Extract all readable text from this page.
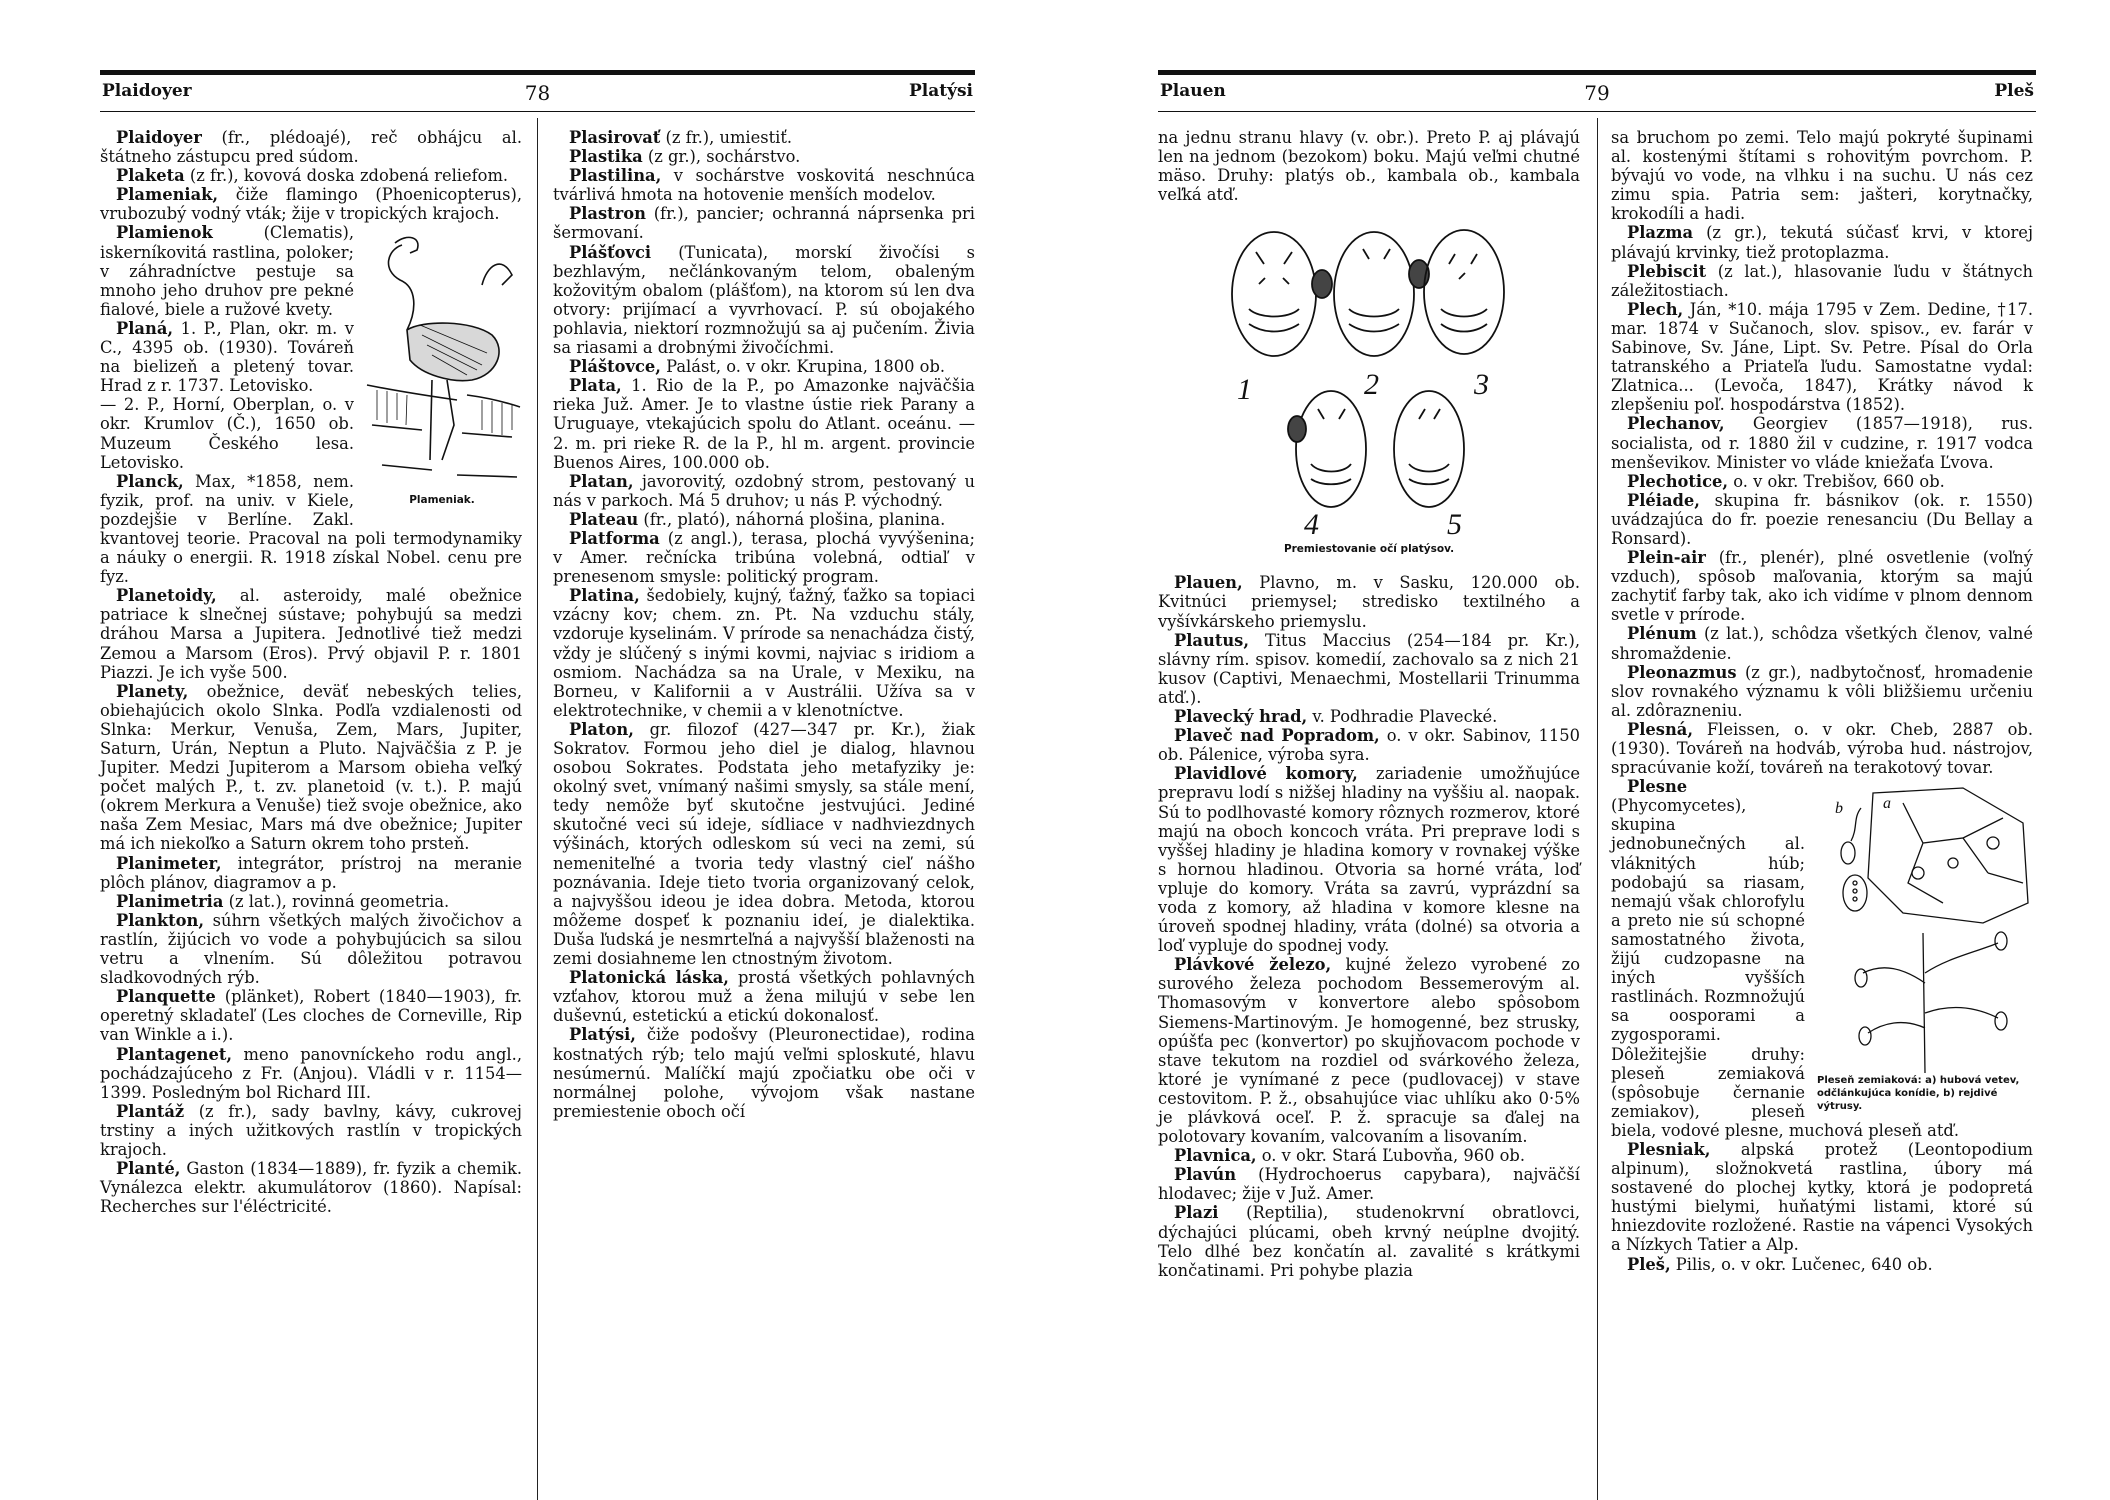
Plaidoyer	78	Platýsi

Plaidoyer (fr., plédoajé), reč obhájcu al. štátneho zástupcu pred súdom.

Plaketa (z fr.), kovová doska zdobená reliefom.

Plameniak, čiže flamingo (Phoenicopterus), vrubozubý vodný vták; žije v tropických krajoch.

Plameniak.

Plamienok (Clematis), iskerníkovitá rastlina, poloker; v záhradníctve pestuje sa mnoho jeho druhov pre pekné fialové, biele a ružové kvety.

Planá, 1. P., Plan, okr. m. v C., 4395 ob. (1930). Továreň na bielizeň a pletený tovar. Hrad z r. 1737. Letovisko.

— 2. P., Horní, Oberplan, o. v okr. Krumlov (Č.), 1650 ob. Muzeum Českého lesa. Letovisko.

Planck, Max, *1858, nem. fyzik, prof. na univ. v Kiele, pozdejšie v Berlíne. Zakl. kvantovej teorie. Pracoval na poli termodynamiky a náuky o energii. R. 1918 získal Nobel. cenu pre fyz.

Planetoidy, al. asteroidy, malé obežnice patriace k slnečnej sústave; pohybujú sa medzi dráhou Marsa a Jupitera. Jednotlivé tiež medzi Zemou a Marsom (Eros). Prvý objavil P. r. 1801 Piazzi. Je ich vyše 500.

Planety, obežnice, deväť nebeských telies, obiehajúcich okolo Slnka. Podľa vzdialenosti od Slnka: Merkur, Venuša, Zem, Mars, Jupiter, Saturn, Urán, Neptun a Pluto. Najväčšia z P. je Jupiter. Medzi Jupiterom a Marsom obieha veľký počet malých P., t. zv. planetoid (v. t.). P. majú (okrem Merkura a Venuše) tiež svoje obežnice, ako naša Zem Mesiac, Mars má dve obežnice; Jupiter má ich niekoľko a Saturn okrem toho prsteň.

Planimeter, integrátor, prístroj na meranie plôch plánov, diagramov a p.

Planimetria (z lat.), rovinná geometria.

Plankton, súhrn všetkých malých živočichov a rastlín, žijúcich vo vode a pohybujúcich sa silou vetru a vlnením. Sú dôležitou potravou sladkovodných rýb.

Planquette (plänket), Robert (1840—1903), fr. operetný skladateľ (Les cloches de Corneville, Rip van Winkle a i.).

Plantagenet, meno panovníckeho rodu angl., pochádzajúceho z Fr. (Anjou). Vládli v r. 1154—1399. Posledným bol Richard III.

Plantáž (z fr.), sady bavlny, kávy, cukrovej trstiny a iných užitkových rastlín v tropických krajoch.

Planté, Gaston (1834—1889), fr. fyzik a chemik. Vynálezca elektr. akumulátorov (1860). Napísal: Recherches sur l'éléctricité.

Plasirovať (z fr.), umiestiť.

Plastika (z gr.), sochárstvo.

Plastilina, v sochárstve voskovitá neschnúca tvárlivá hmota na hotovenie menších modelov.

Plastron (fr.), pancier; ochranná náprsenka pri šermovaní.

Plášťovci (Tunicata), morskí živočísi s bezhlavým, nečlánkovaným telom, obaleným kožovitým obalom (plášťom), na ktorom sú len dva otvory: prijímací a vyvrhovací. P. sú obojakého pohlavia, niektorí rozmnožujú sa aj pučením. Živia sa riasami a drobnými živočíchmi.

Pláštovce, Palást, o. v okr. Krupina, 1800 ob.

Plata, 1. Rio de la P., po Amazonke najväčšia rieka Juž. Amer. Je to vlastne ústie riek Parany a Uruguaye, vtekajúcich spolu do Atlant. oceánu. — 2. m. pri rieke R. de la P., hl m. argent. provincie Buenos Aires, 100.000 ob.

Platan, javorovitý, ozdobný strom, pestovaný u nás v parkoch. Má 5 druhov; u nás P. východný.

Plateau (fr., plató), náhorná plošina, planina.

Platforma (z angl.), terasa, plochá vyvýšenina; v Amer. rečnícka tribúna volebná, odtiaľ v prenesenom smysle: politický program.

Platina, šedobiely, kujný, ťažný, ťažko sa topiaci vzácny kov; chem. zn. Pt. Na vzduchu stály, vzdoruje kyselinám. V prírode sa nenachádza čistý, vždy je slúčený s inými kovmi, najviac s iridiom a osmiom. Nachádza sa na Urale, v Mexiku, na Borneu, v Kalifornii a v Austrálii. Užíva sa v elektrotechnike, v chemii a v klenotníctve.

Platon, gr. filozof (427—347 pr. Kr.), žiak Sokratov. Formou jeho diel je dialog, hlavnou osobou Sokrates. Podstata jeho metafyziky je: okolný svet, vnímaný našimi smysly, sa stále mení, tedy nemôže byť skutočne jestvujúci. Jediné skutočné veci sú ideje, sídliace v nadhviezdnych výšinách, ktorých odleskom sú veci na zemi, sú nemeniteľné a tvoria tedy vlastný cieľ nášho poznávania. Ideje tieto tvoria organizovaný celok, a najvyššou ideou je idea dobra. Metoda, ktorou môžeme dospeť k poznaniu ideí, je dialektika. Duša ľudská je nesmrteľná a najvyšší blaženosti na zemi dosiahneme len ctnostným životom.

Platonická láska, prostá všetkých pohlavných vzťahov, ktorou muž a žena milujú v sebe len duševnú, estetickú a etickú dokonalosť.

Platýsi, čiže podošvy (Pleuronectidae), rodina kostnatých rýb; telo majú veľmi sploskuté, hlavu nesúmernú. Malíčkí majú zpočiatku obe oči v normálnej polohe, vývojom však nastane premiestenie oboch očí

Plauen	79	Pleš

na jednu stranu hlavy (v. obr.). Preto P. aj plávajú len na jednom (bezokom) boku. Majú veľmi chutné mäso. Druhy: platýs ob., kambala ob., kambala veľká atď.

1	2	3
4	5
Premiestovanie očí platýsov.

Plauen, Plavno, m. v Sasku, 120.000 ob. Kvitnúci priemysel; stredisko textilného a vyšívkárskeho priemyslu.

Plautus, Titus Maccius (254—184 pr. Kr.), slávny rím. spisov. komedií, zachovalo sa z nich 21 kusov (Captivi, Menaechmi, Mostellarii Trinumma atď.).

Plavecký hrad, v. Podhradie Plavecké.

Plaveč nad Popradom, o. v okr. Sabinov, 1150 ob. Pálenice, výroba syra.

Plavidlové komory, zariadenie umožňujúce prepravu lodí s nižšej hladiny na vyššiu al. naopak. Sú to podlhovasté komory rôznych rozmerov, ktoré majú na oboch koncoch vráta. Pri preprave lodi s vyššej hladiny je hladina komory v rovnakej výške s hornou hladinou. Otvoria sa horné vráta, loď vpluje do komory. Vráta sa zavrú, vyprázdní sa voda z komory, až hladina v komore klesne na úroveň spodnej hladiny, vráta (dolné) sa otvoria a loď vypluje do spodnej vody.

Plávkové železo, kujné železo vyrobené zo surového železa pochodom Bessemerovým al. Thomasovým v konvertore alebo spôsobom Siemens-Martinovým. Je homogenné, bez strusky, opúšťa pec (konvertor) po skujňovacom pochode v stave tekutom na rozdiel od svárkového železa, ktoré je vynímané z pece (pudlovacej) v stave cestovitom. P. ž., obsahujúce viac uhlíku ako 0·5% je plávková oceľ. P. ž. spracuje sa ďalej na polotovary kovaním, valcovaním a lisovaním.

Plavnica, o. v okr. Stará Ľubovňa, 960 ob.

Plavún (Hydrochoerus capybara), najväčší hlodavec; žije v Juž. Amer.

Plazi (Reptilia), studenokrvní obratlovci, dýchajúci plúcami, obeh krvný neúplne dvojitý. Telo dlhé bez končatín al. zavalité s krátkymi končatinami. Pri pohybe plazia

sa bruchom po zemi. Telo majú pokryté šupinami al. kostenými štítami s rohovitým povrchom. P. bývajú vo vode, na vlhku i na suchu. U nás cez zimu spia. Patria sem: jašteri, korytnačky, krokodíli a hadi.

Plazma (z gr.), tekutá súčasť krvi, v ktorej plávajú krvinky, tiež protoplazma.

Plebiscit (z lat.), hlasovanie ľudu v štátnych záležitostiach.

Plech, Ján, *10. mája 1795 v Zem. Dedine, †17. mar. 1874 v Sučanoch, slov. spisov., ev. farár v Sabinove, Sv. Jáne, Lipt. Sv. Petre. Písal do Orla tatranského a Priateľa ľudu. Samostatne vydal: Zlatnica... (Levoča, 1847), Krátky návod k zlepšeniu poľ. hospodárstva (1852).

Plechanov, Georgiev (1857—1918), rus. socialista, od r. 1880 žil v cudzine, r. 1917 vodca menševikov. Minister vo vláde kniežaťa Ľvova.

Plechotice, o. v okr. Trebišov, 660 ob.

Pléiade, skupina fr. básnikov (ok. r. 1550) uvádzajúca do fr. poezie renesanciu (Du Bellay a Ronsard).

Plein-air (fr., plenér), plné osvetlenie (voľný vzduch), spôsob maľovania, ktorým sa majú zachytiť farby tak, ako ich vidíme v plnom dennom svetle v prírode.

Plénum (z lat.), schôdza všetkých členov, valné shromaždenie.

Pleonazmus (z gr.), nadbytočnosť, hromadenie slov rovnakého významu k vôli bližšiemu určeniu al. zdôrazneniu.

Plesná, Fleissen, o. v okr. Cheb, 2887 ob. (1930). Továreň na hodváb, výroba hud. nástrojov, spracúvanie koží, továreň na terakotový tovar.

b	a
Pleseň zemiaková: a) hubová vetev, odčlánkujúca konídie, b) rejdivé výtrusy.

Plesne (Phycomycetes), skupina jednobunečných al. vláknitých húb; podobajú sa riasam, nemajú však chlorofylu a preto nie sú schopné samostatného života, žijú cudzopasne na iných vyšších rastlinách. Rozmnožujú sa oosporami a zygosporami. Dôležitejšie druhy: pleseň zemiaková (spôsobuje černanie zemiakov), pleseň biela, vodové plesne, muchová pleseň atď.

Plesniak, alpská protež (Leontopodium alpinum), složnokvetá rastlina, úbory má sostavené do plochej kytky, ktorá je podopretá hustými bielymi, huňatými listami, ktoré sú hniezdovite rozložené. Rastie na vápenci Vysokých a Nízkych Tatier a Alp.

Pleš, Pilis, o. v okr. Lučenec, 640 ob.
